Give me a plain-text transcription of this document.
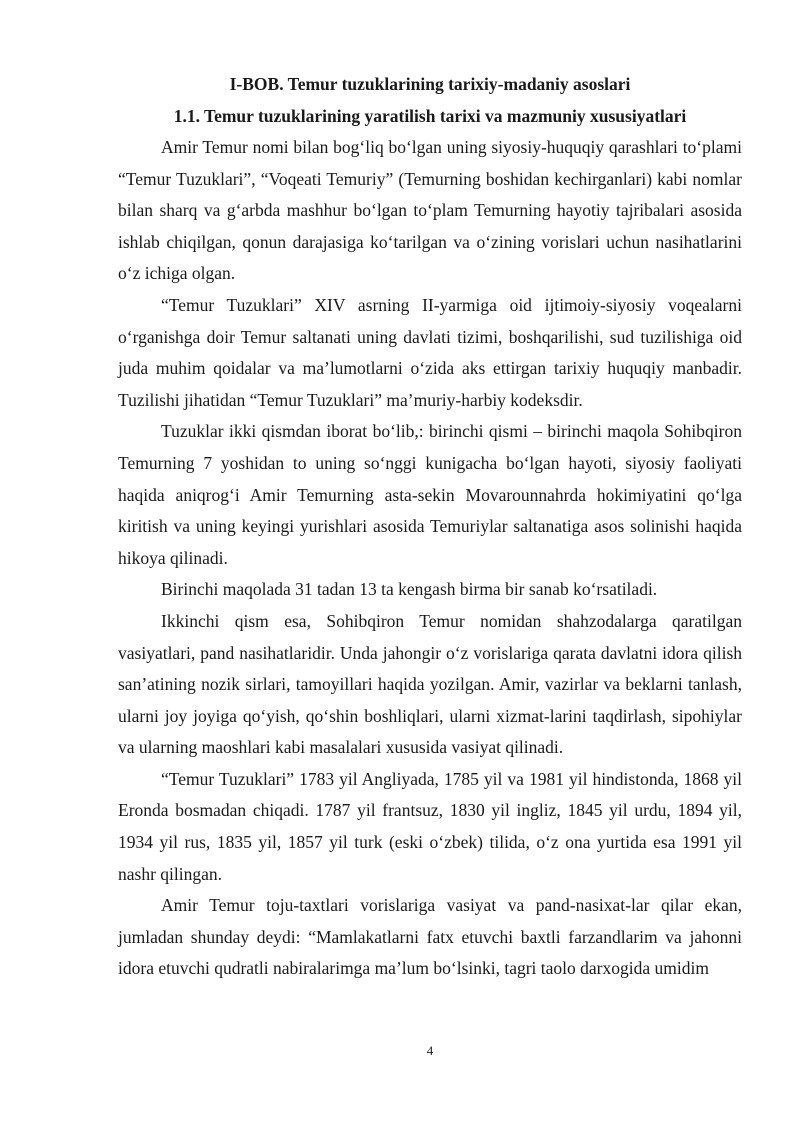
I-BOB. Temur tuzuklarining tarixiy-madaniy asoslari

1.1. Temur tuzuklarining yaratilish tarixi va mazmuniy xususiyatlari

Amir Temur nomi bilan bog‘liq bo‘lgan uning siyosiy-huquqiy qarashlari to‘plami “Temur Tuzuklari”, “Voqeati Temuriy” (Temurning boshidan kechirganlari) kabi nomlar bilan sharq va g‘arbda mashhur bo‘lgan to‘plam Temurning hayotiy tajribalari asosida ishlab chiqilgan, qonun darajasiga ko‘tarilgan va o‘zining vorislari uchun nasihatlarini o‘z ichiga olgan.

“Temur Tuzuklari” XIV asrning II-yarmiga oid ijtimoiy-siyosiy voqealarni o‘rganishga doir Temur saltanati uning davlati tizimi, boshqarilishi, sud tuzilishiga oid juda muhim qoidalar va ma’lumotlarni o‘zida aks ettirgan tarixiy huquqiy manbadir. Tuzilishi jihatidan “Temur Tuzuklari” ma’muriy-harbiy kodeksdir.

Tuzuklar ikki qismdan iborat bo‘lib,: birinchi qismi – birinchi maqola Sohibqiron Temurning 7 yoshidan to uning so‘nggi kunigacha bo‘lgan hayoti, siyosiy faoliyati haqida aniqrog‘i Amir Temurning asta-sekin Movarounnahrda hokimiyatini qo‘lga kiritish va uning keyingi yurishlari asosida Temuriylar saltanatiga asos solinishi haqida hikoya qilinadi.

Birinchi maqolada 31 tadan 13 ta kengash birma bir sanab ko‘rsatiladi.

Ikkinchi qism esa, Sohibqiron Temur nomidan shahzodalarga qaratilgan vasiyatlari, pand nasihatlaridir. Unda jahongir o‘z vorislariga qarata davlatni idora qilish san’atining nozik sirlari, tamoyillari haqida yozilgan. Amir, vazirlar va beklarni tanlash, ularni joy joyiga qo‘yish, qo‘shin boshliqlari, ularni xizmat-larini taqdirlash, sipohiylar va ularning maoshlari kabi masalalari xususida vasiyat qilinadi.

“Temur Tuzuklari” 1783 yil Angliyada, 1785 yil va 1981 yil hindistonda, 1868 yil Eronda bosmadan chiqadi. 1787 yil frantsuz, 1830 yil ingliz, 1845 yil urdu, 1894 yil, 1934 yil rus, 1835 yil, 1857 yil turk (eski o‘zbek) tilida, o‘z ona yurtida esa 1991 yil nashr qilingan.

Amir Temur toju-taxtlari vorislariga vasiyat va pand-nasixat-lar qilar ekan, jumladan shunday deydi: “Mamlakatlarni fatx etuvchi baxtli farzandlarim va jahonni idora etuvchi qudratli nabiralarimga ma’lum bo‘lsinki, tagri taolo darxogida umidim

4
